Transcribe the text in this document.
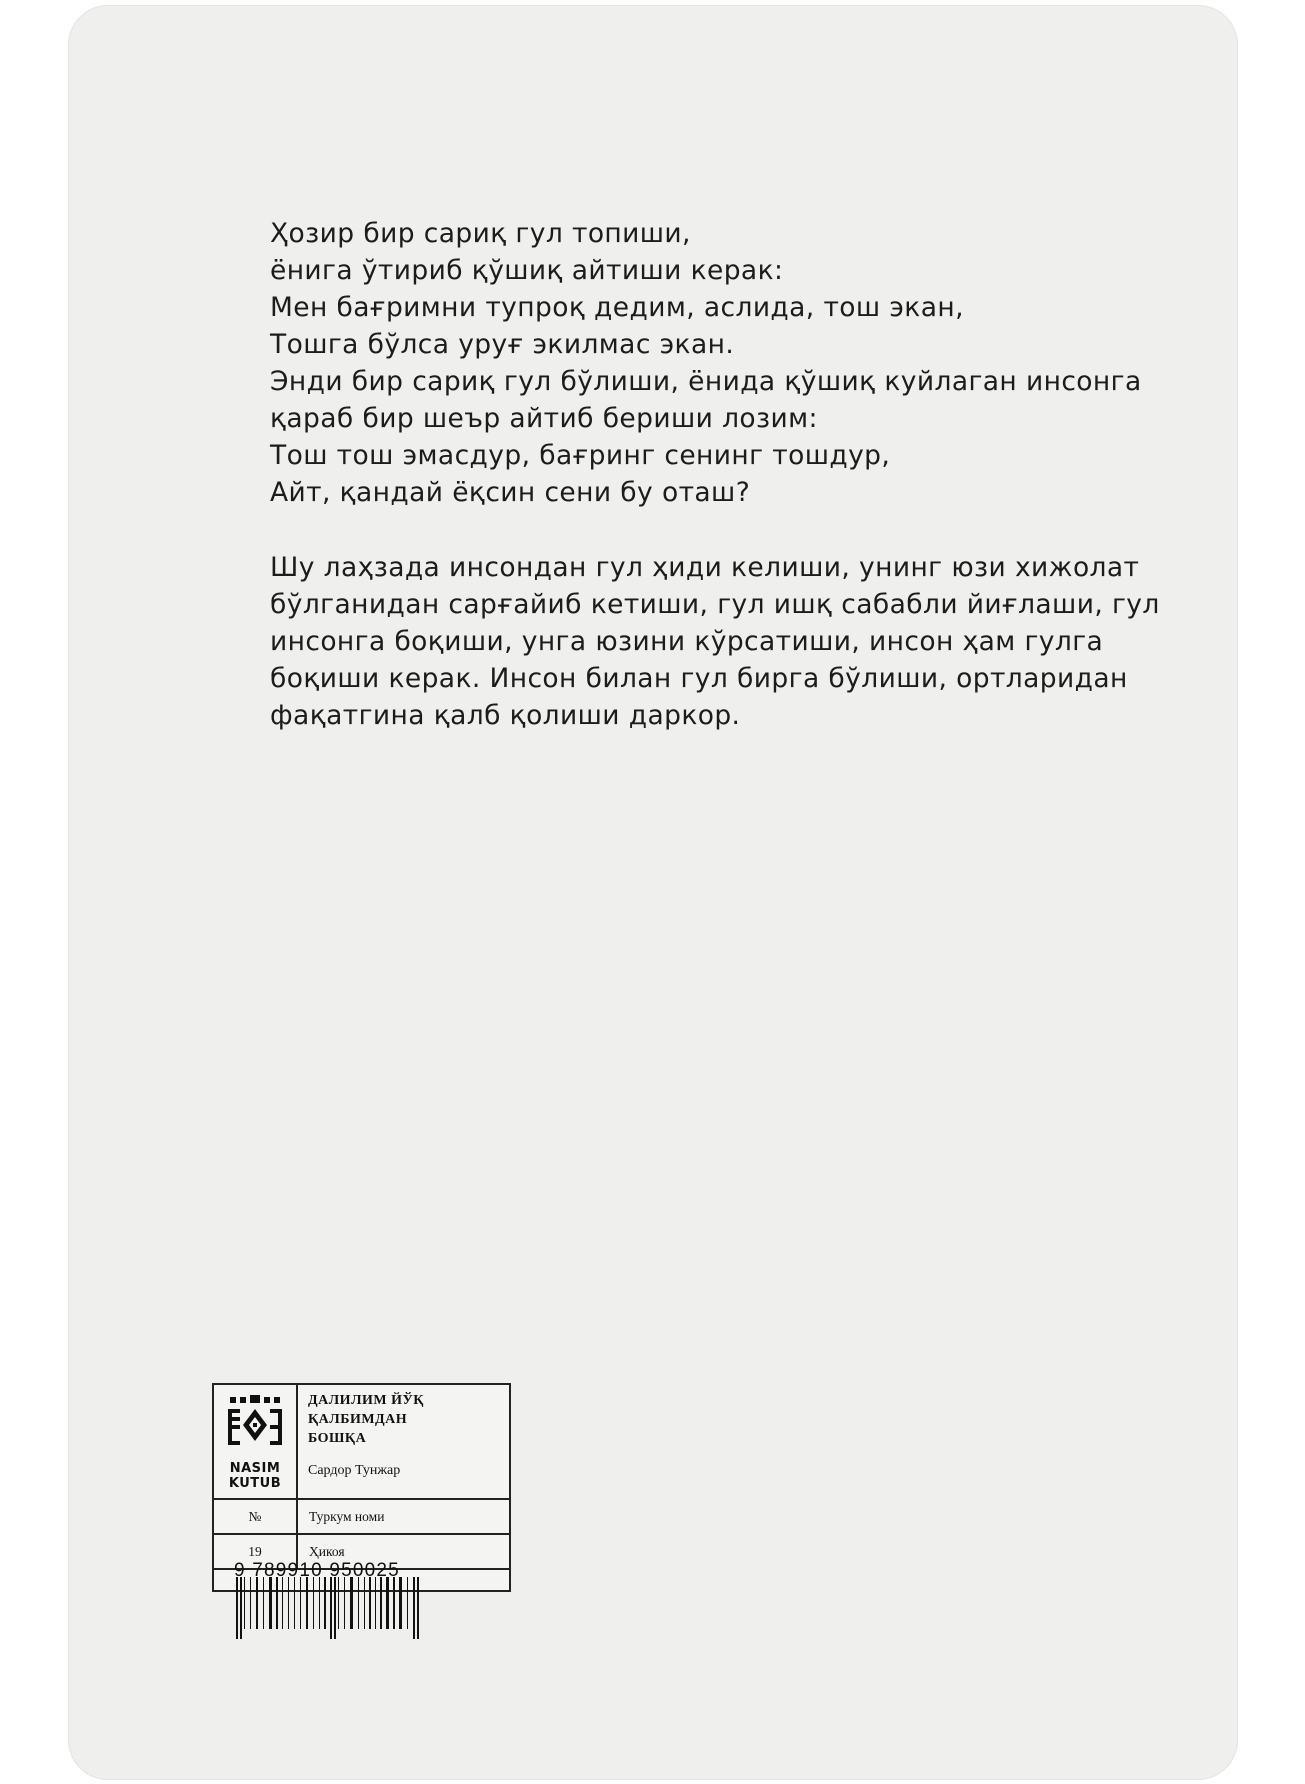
Ҳозир бир сариқ гул топиши,
ёнига ўтириб қўшиқ айтиши керак:
Мен бағримни тупроқ дедим, аслида, тош экан,
Тошга бўлса уруғ экилмас экан.
Энди бир сариқ гул бўлиши, ёнида қўшиқ куйлаган инсонга
қараб бир шеър айтиб бериши лозим:
Тош тош эмасдур, бағринг сенинг тошдур,
Айт, қандай ёқсин сени бу оташ?
Шу лаҳзада инсондан гул ҳиди келиши, унинг юзи хижолат
бўлганидан сарғайиб кетиши, гул ишқ сабабли йиғлаши, гул
инсонга боқиши, унга юзини кўрсатиши, инсон ҳам гулга
боқиши керак. Инсон билан гул бирга бўлиши, ортларидан
фақатгина қалб қолиши даркор.
NASIM
KUTUB
ДАЛИЛИМ ЙЎҚ
ҚАЛБИМДАН
БОШҚА
Сардор Тунжар
№	Туркум номи
19	Ҳикоя
9 789910 950025
